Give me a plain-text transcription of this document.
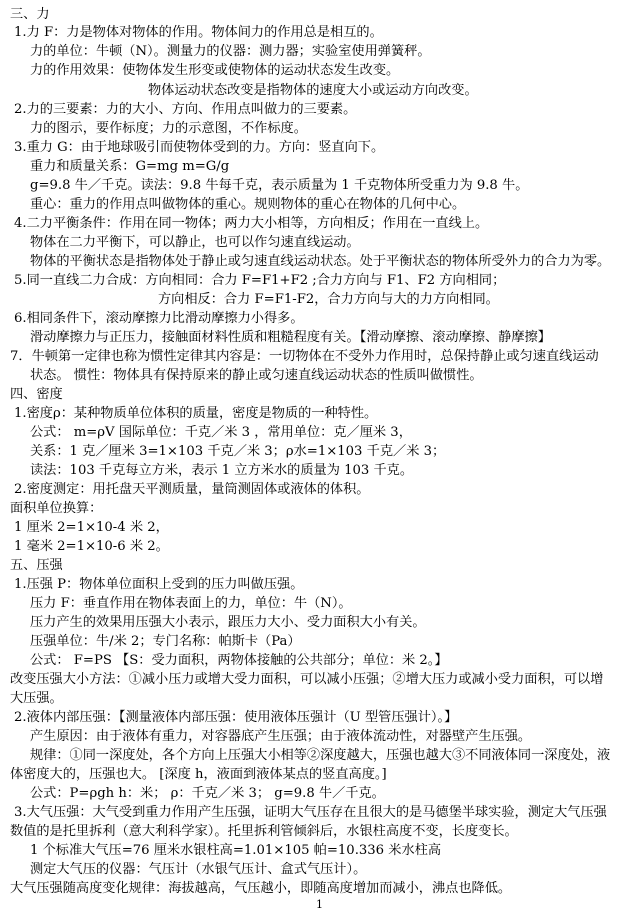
三、力
1.力 F：力是物体对物体的作用。物体间力的作用总是相互的。
力的单位：牛顿（N）。测量力的仪器：测力器；实验室使用弹簧秤。
力的作用效果：使物体发生形变或使物体的运动状态发生改变。
物体运动状态改变是指物体的速度大小或运动方向改变。
2.力的三要素：力的大小、方向、作用点叫做力的三要素。
力的图示，要作标度；力的示意图，不作标度。
3.重力 G：由于地球吸引而使物体受到的力。方向：竖直向下。
重力和质量关系：G=mg m=G/g
g=9.8 牛／千克。读法：9.8 牛每千克，表示质量为 1 千克物体所受重力为 9.8 牛。
重心：重力的作用点叫做物体的重心。规则物体的重心在物体的几何中心。
4.二力平衡条件：作用在同一物体；两力大小相等，方向相反；作用在一直线上。
物体在二力平衡下，可以静止，也可以作匀速直线运动。
物体的平衡状态是指物体处于静止或匀速直线运动状态。处于平衡状态的物体所受外力的合力为零。
5.同一直线二力合成：方向相同：合力 F=F1+F2 ;合力方向与 F1、F2 方向相同；
方向相反：合力 F=F1-F2，合力方向与大的力方向相同。
6.相同条件下，滚动摩擦力比滑动摩擦力小得多。
滑动摩擦力与正压力，接触面材料性质和粗糙程度有关。【滑动摩擦、滚动摩擦、静摩擦】
7．牛顿第一定律也称为惯性定律其内容是：一切物体在不受外力作用时，总保持静止或匀速直线运动
状态。 惯性：物体具有保持原来的静止或匀速直线运动状态的性质叫做惯性。
四、密度
1.密度ρ：某种物质单位体积的质量，密度是物质的一种特性。
公式： m=ρV 国际单位：千克／米 3 ，常用单位：克／厘米 3，
关系：1 克／厘米 3=1×103 千克／米 3；ρ水=1×103 千克／米 3；
读法：103 千克每立方米，表示 1 立方米水的质量为 103 千克。
2.密度测定：用托盘天平测质量，量筒测固体或液体的体积。
面积单位换算：
1 厘米 2=1×10-4 米 2，
1 毫米 2=1×10-6 米 2。
五、压强
1.压强 P：物体单位面积上受到的压力叫做压强。
压力 F：垂直作用在物体表面上的力，单位：牛（N）。
压力产生的效果用压强大小表示，跟压力大小、受力面积大小有关。
压强单位：牛/米 2；专门名称：帕斯卡（Pa）
公式： F=PS 【S：受力面积，两物体接触的公共部分；单位：米 2。】
改变压强大小方法：①减小压力或增大受力面积，可以减小压强；②增大压力或减小受力面积，可以增
大压强。
2.液体内部压强：【测量液体内部压强：使用液体压强计（U 型管压强计）。】
产生原因：由于液体有重力，对容器底产生压强；由于液体流动性，对器壁产生压强。
规律：①同一深度处，各个方向上压强大小相等②深度越大，压强也越大③不同液体同一深度处，液
体密度大的，压强也大。 [深度 h，液面到液体某点的竖直高度。]
公式：P=ρgh h：米； ρ：千克／米 3； g=9.8 牛／千克。
3.大气压强：大气受到重力作用产生压强，证明大气压存在且很大的是马德堡半球实验，测定大气压强
数值的是托里拆利（意大利科学家）。托里拆利管倾斜后，水银柱高度不变，长度变长。
1 个标准大气压=76 厘米水银柱高=1.01×105 帕=10.336 米水柱高
测定大气压的仪器：气压计（水银气压计、盒式气压计）。
大气压强随高度变化规律：海拔越高，气压越小，即随高度增加而减小，沸点也降低。
1
